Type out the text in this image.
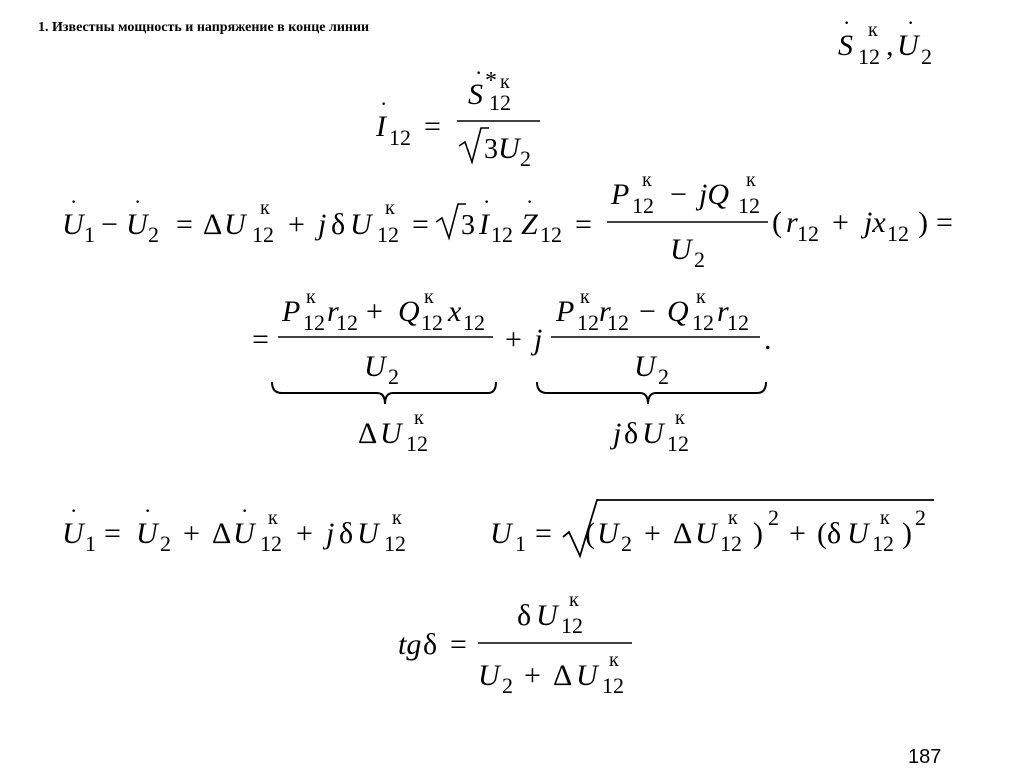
1. Известны мощность и напряжение в конце линии
S
·
12
к , U
·
2
I
·
12 =
S
·
12
* к
3 U 2
U
·
1 − U
·
2 = Δ U 12
к + j δ U 12
к = 3 I
·
12 Z
·
12 =
P 12
к − jQ 12
к
U 2
( r 12 + jx 12 ) =
=
P 12
к r
12 + Q 12
к x 12
U 2
+ j
P 12
к r
12 − Q 12
к r
12
U 2
.
Δ U 12
к	j δ U 12
к
U
·
1 = U
·
2 + Δ U
·
12
к + j δ U 12
к	U 1 = ( U 2 + Δ U 12
к ) 2 + (δ U 12
к ) 2
tg δ =
δ U 12
к
U 2 + Δ U 12
к
187
